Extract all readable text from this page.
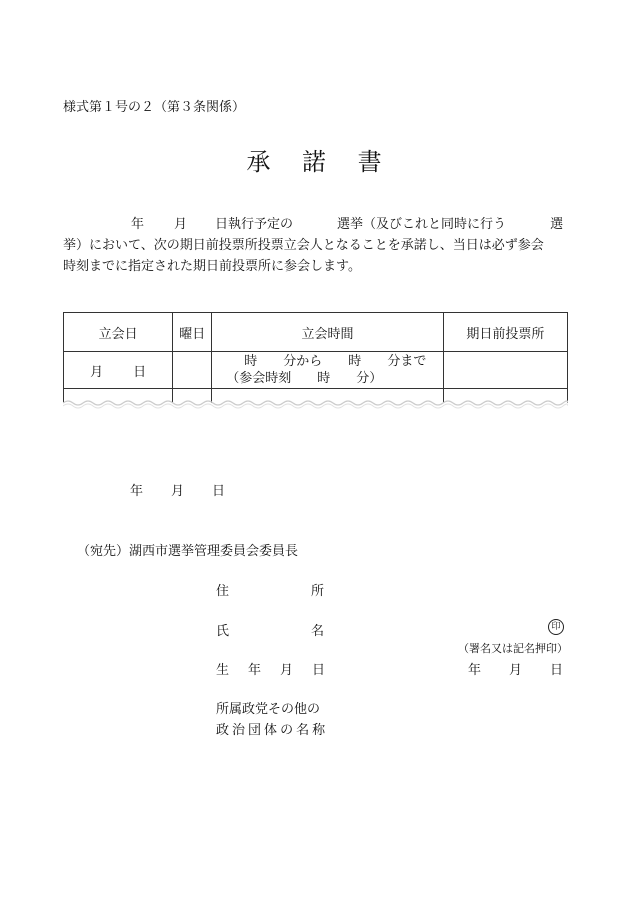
様式第１号の２（第３条関係）
承 諾 書
年 月 日執行予定の	選挙（及びこれと同時に行う	選
挙）において、次の期日前投票所投票立会人となることを承諾し、当日は必ず参会
時刻までに指定された期日前投票所に参会します。
立会日	曜日	立会時間	期日前投票所
月 日		時 分から 時 分まで
（参会時刻 時 分）	

年 月 日
（宛先）湖西市選挙管理委員会委員長
住	所
氏	名	印
（署名又は記名押印）
生 年 月 日	年 月 日
所属政党その他の
政 治 団 体 の 名 称
